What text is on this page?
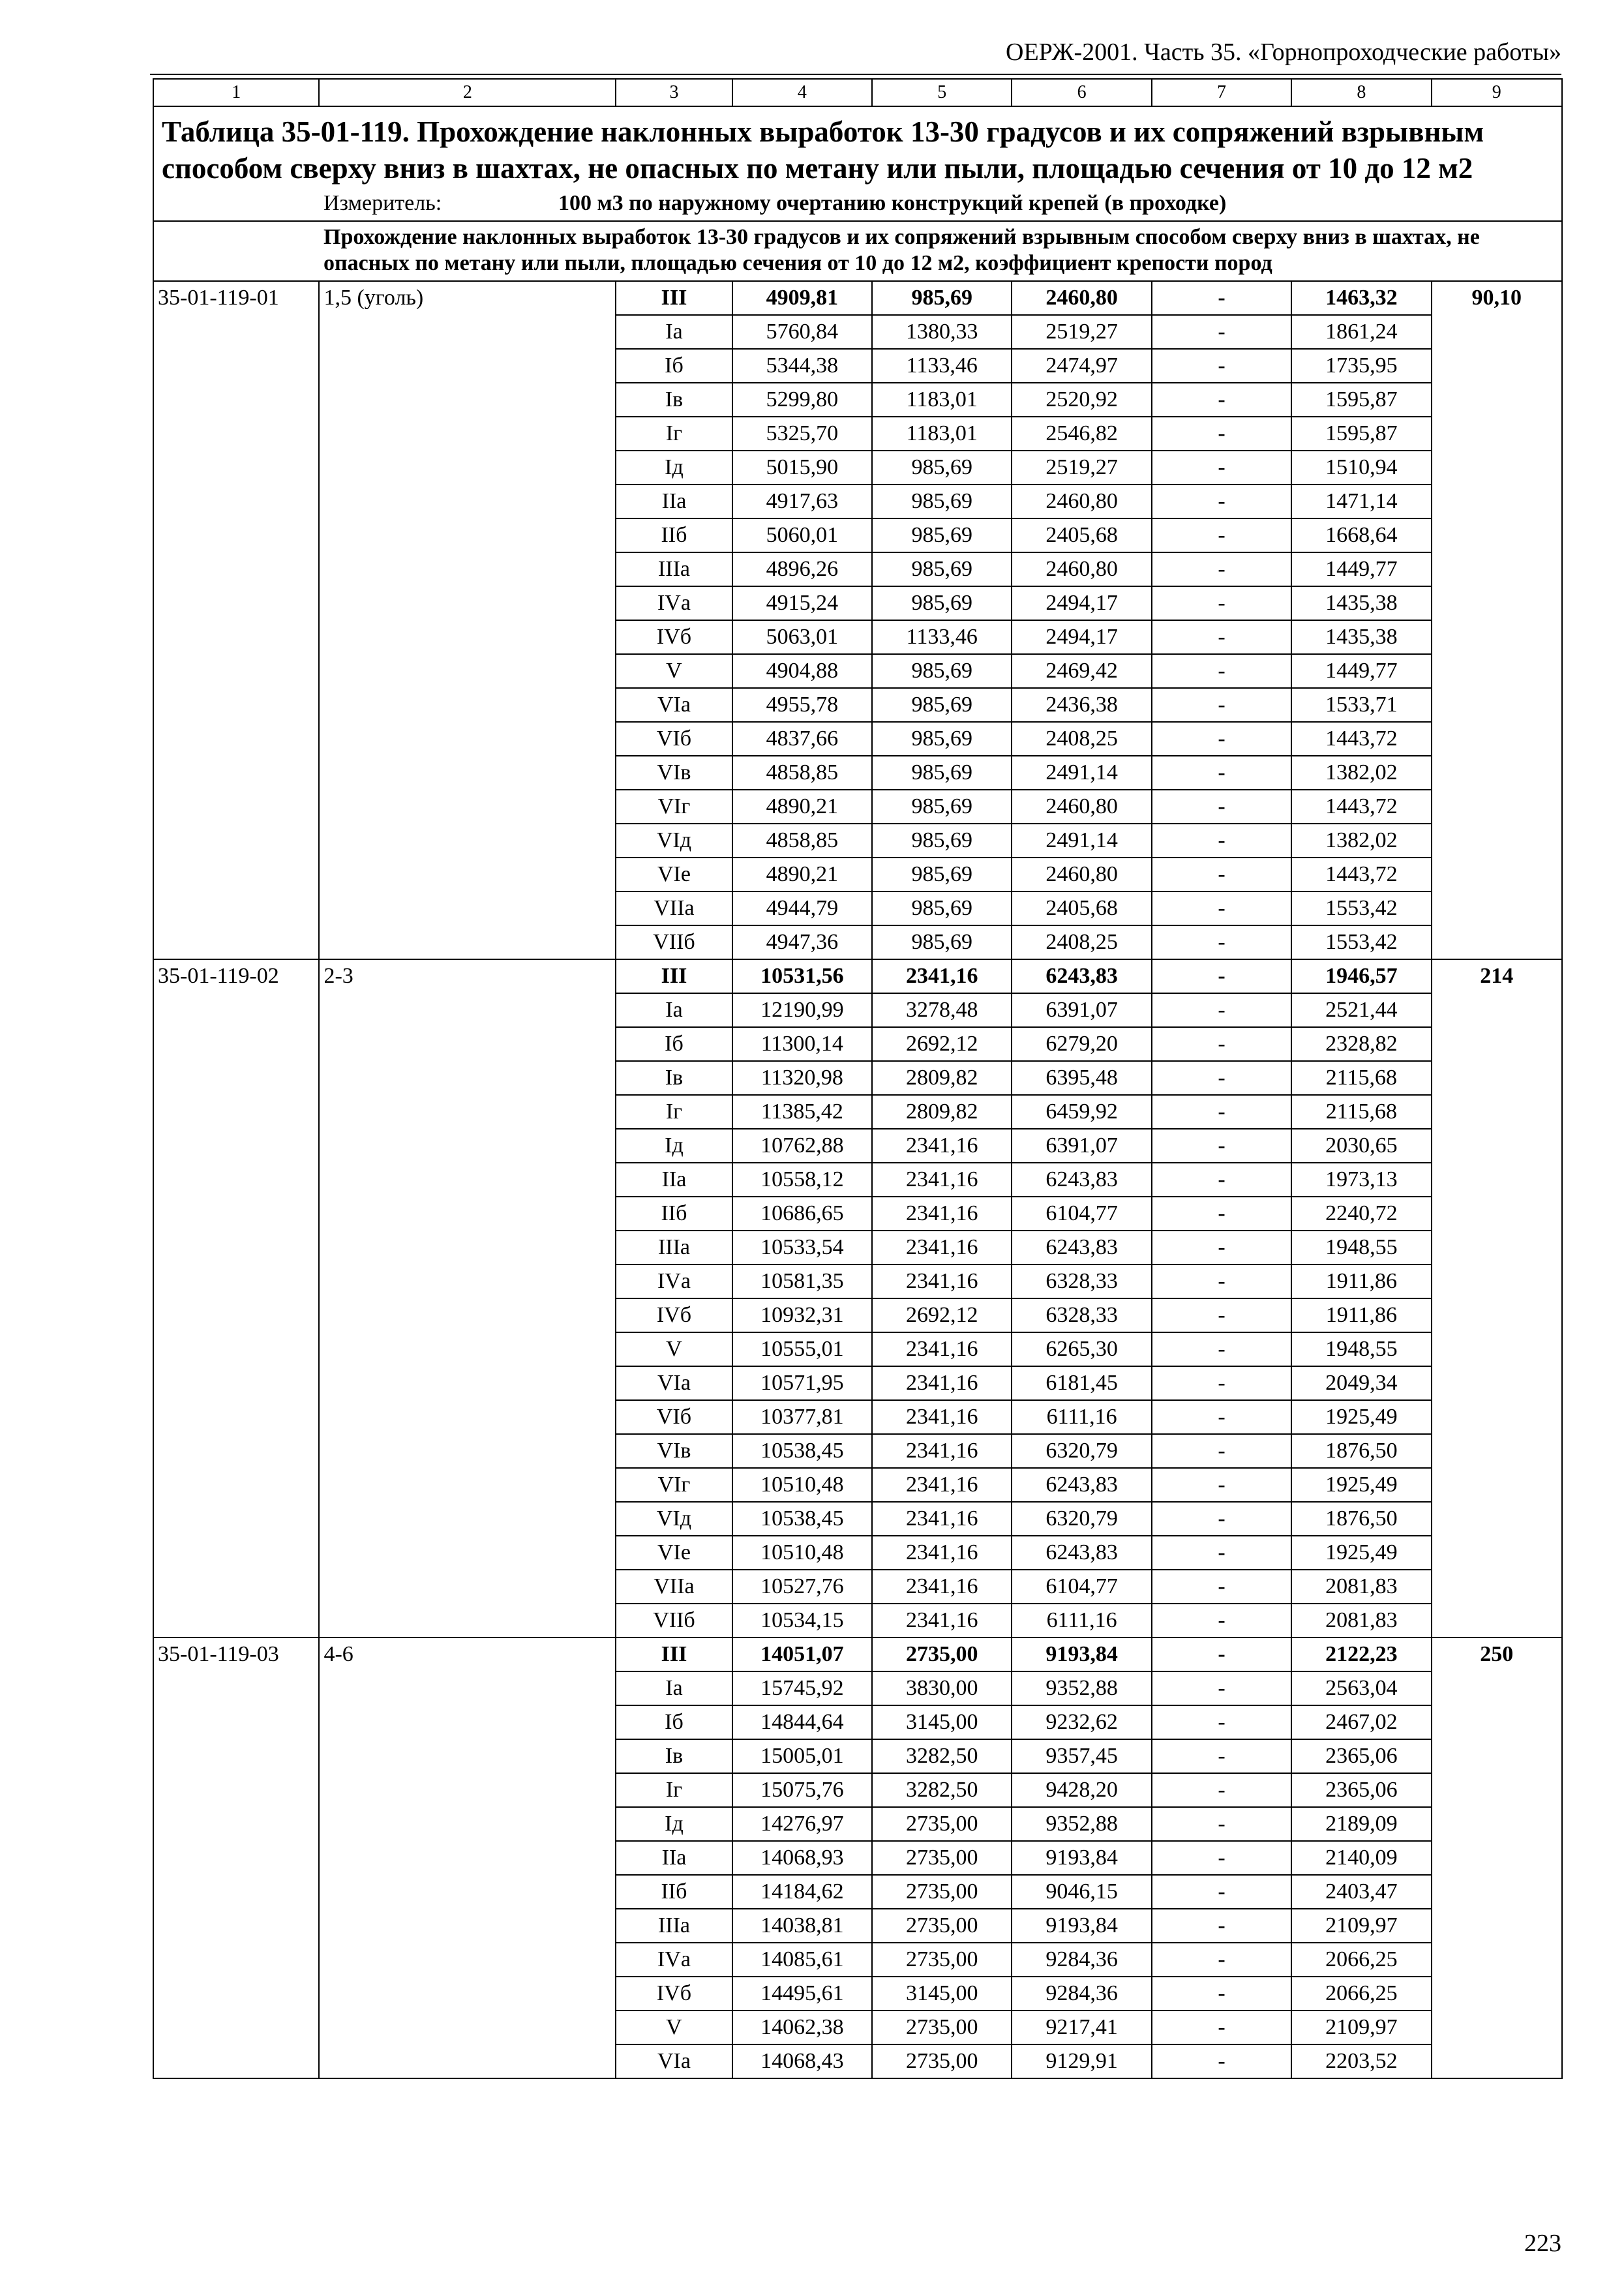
ОЕРЖ-2001. Часть 35. «Горнопроходческие работы»
1	2	3	4	5	6	7	8	9
Таблица 35-01-119. Прохождение наклонных выработок 13-30 градусов и их сопряжений взрывным способом сверху вниз в шахтах, не опасных по метану или пыли, площадью сечения от 10 до 12 м2								
Измеритель: 100 м3 по наружному очертанию конструкций крепей (в проходке)								
Прохождение наклонных выработок 13-30 градусов и их сопряжений взрывным способом сверху вниз в шахтах, не опасных по метану или пыли, площадью сечения от 10 до 12 м2, коэффициент крепости пород								
35-01-119-01	1,5 (уголь)	III	4909,81	985,69	2460,80	-	1463,32	90,10
		Iа	5760,84	1380,33	2519,27	-	1861,24	
		Iб	5344,38	1133,46	2474,97	-	1735,95	
		Iв	5299,80	1183,01	2520,92	-	1595,87	
		Iг	5325,70	1183,01	2546,82	-	1595,87	
		Iд	5015,90	985,69	2519,27	-	1510,94	
		IIа	4917,63	985,69	2460,80	-	1471,14	
		IIб	5060,01	985,69	2405,68	-	1668,64	
		IIIа	4896,26	985,69	2460,80	-	1449,77	
		IVа	4915,24	985,69	2494,17	-	1435,38	
		IVб	5063,01	1133,46	2494,17	-	1435,38	
		V	4904,88	985,69	2469,42	-	1449,77	
		VIа	4955,78	985,69	2436,38	-	1533,71	
		VIб	4837,66	985,69	2408,25	-	1443,72	
		VIв	4858,85	985,69	2491,14	-	1382,02	
		VIг	4890,21	985,69	2460,80	-	1443,72	
		VIд	4858,85	985,69	2491,14	-	1382,02	
		VIе	4890,21	985,69	2460,80	-	1443,72	
		VIIа	4944,79	985,69	2405,68	-	1553,42	
		VIIб	4947,36	985,69	2408,25	-	1553,42	
35-01-119-02	2-3	III	10531,56	2341,16	6243,83	-	1946,57	214
		Iа	12190,99	3278,48	6391,07	-	2521,44	
		Iб	11300,14	2692,12	6279,20	-	2328,82	
		Iв	11320,98	2809,82	6395,48	-	2115,68	
		Iг	11385,42	2809,82	6459,92	-	2115,68	
		Iд	10762,88	2341,16	6391,07	-	2030,65	
		IIа	10558,12	2341,16	6243,83	-	1973,13	
		IIб	10686,65	2341,16	6104,77	-	2240,72	
		IIIа	10533,54	2341,16	6243,83	-	1948,55	
		IVа	10581,35	2341,16	6328,33	-	1911,86	
		IVб	10932,31	2692,12	6328,33	-	1911,86	
		V	10555,01	2341,16	6265,30	-	1948,55	
		VIа	10571,95	2341,16	6181,45	-	2049,34	
		VIб	10377,81	2341,16	6111,16	-	1925,49	
		VIв	10538,45	2341,16	6320,79	-	1876,50	
		VIг	10510,48	2341,16	6243,83	-	1925,49	
		VIд	10538,45	2341,16	6320,79	-	1876,50	
		VIе	10510,48	2341,16	6243,83	-	1925,49	
		VIIа	10527,76	2341,16	6104,77	-	2081,83	
		VIIб	10534,15	2341,16	6111,16	-	2081,83	
35-01-119-03	4-6	III	14051,07	2735,00	9193,84	-	2122,23	250
		Iа	15745,92	3830,00	9352,88	-	2563,04	
		Iб	14844,64	3145,00	9232,62	-	2467,02	
		Iв	15005,01	3282,50	9357,45	-	2365,06	
		Iг	15075,76	3282,50	9428,20	-	2365,06	
		Iд	14276,97	2735,00	9352,88	-	2189,09	
		IIа	14068,93	2735,00	9193,84	-	2140,09	
		IIб	14184,62	2735,00	9046,15	-	2403,47	
		IIIа	14038,81	2735,00	9193,84	-	2109,97	
		IVа	14085,61	2735,00	9284,36	-	2066,25	
		IVб	14495,61	3145,00	9284,36	-	2066,25	
		V	14062,38	2735,00	9217,41	-	2109,97	
		VIа	14068,43	2735,00	9129,91	-	2203,52	
223
